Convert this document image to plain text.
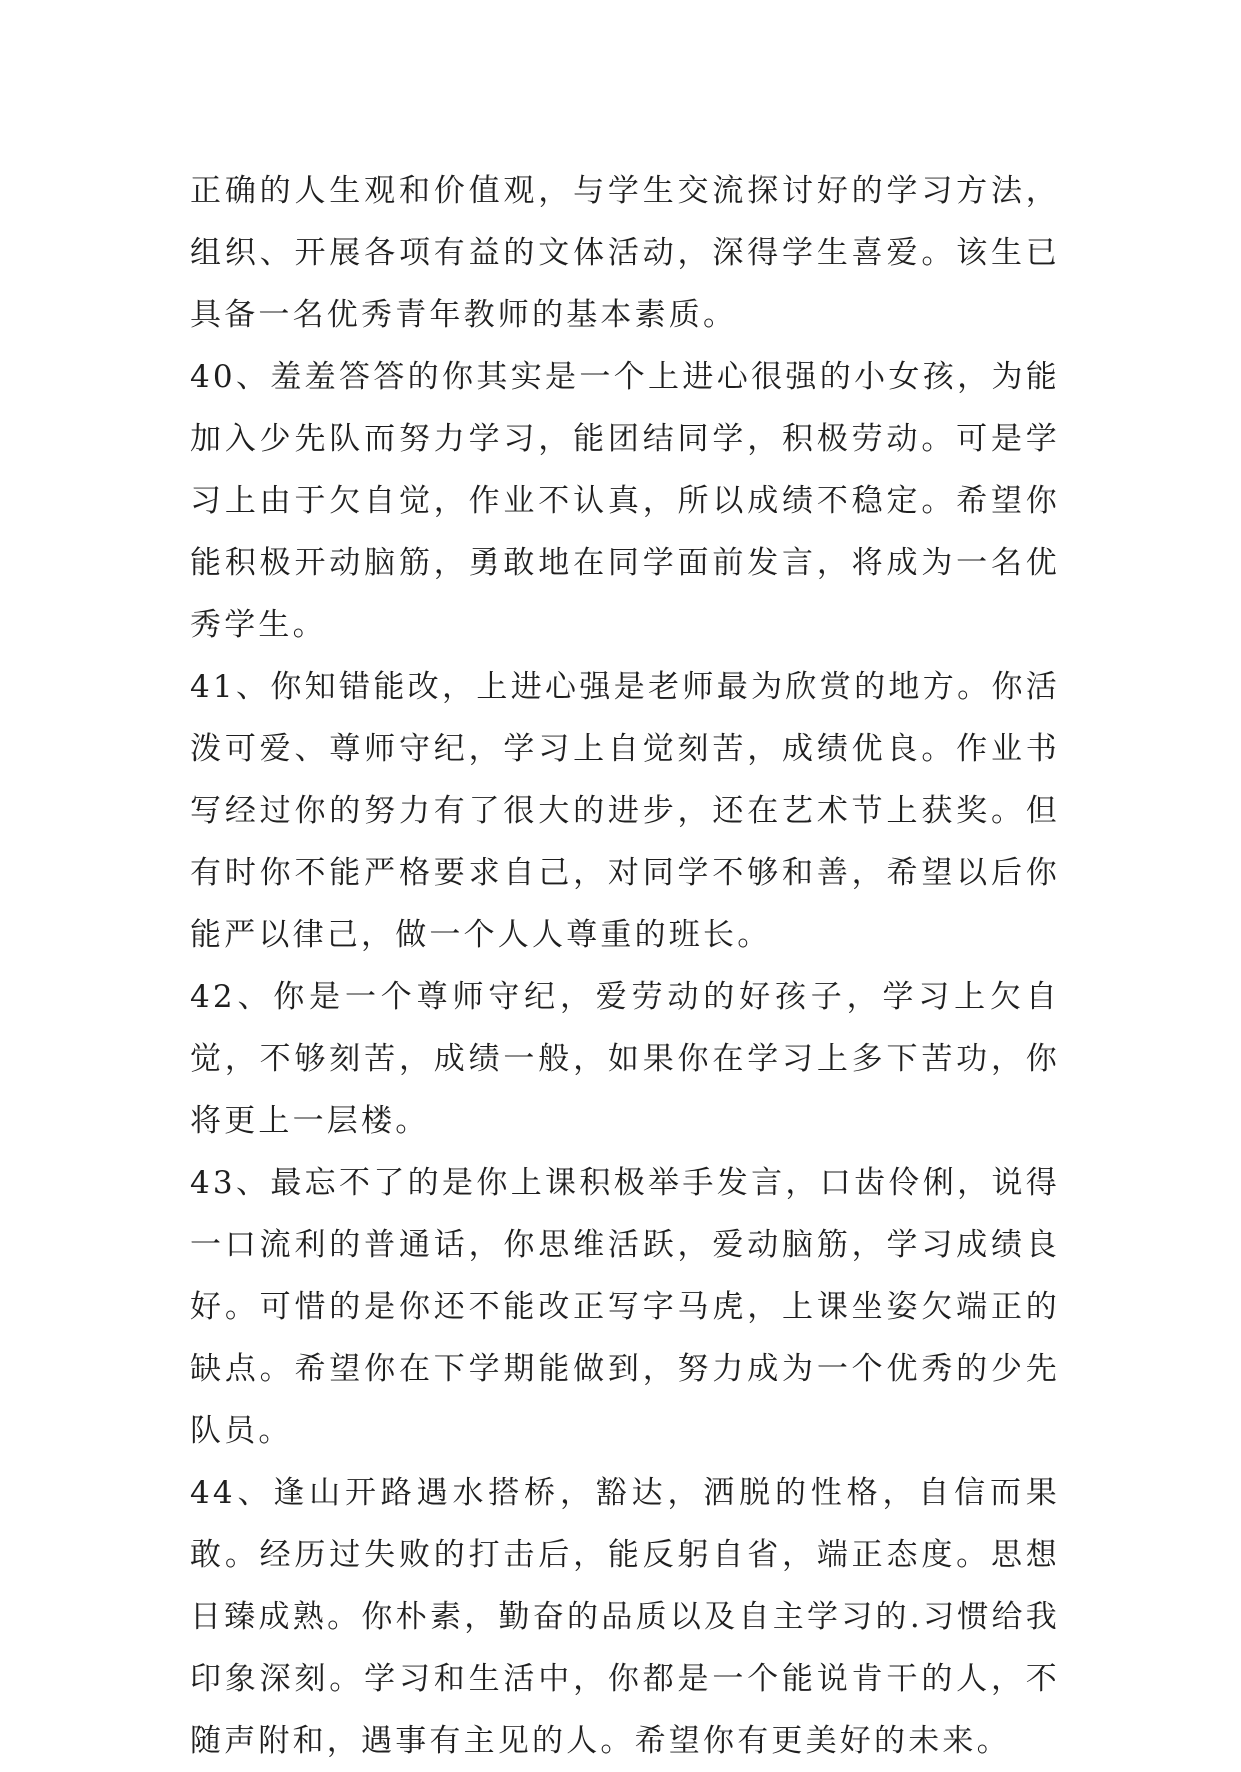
正确的人生观和价值观，与学生交流探讨好的学习方法，组织、开展各项有益的文体活动，深得学生喜爱。该生已具备一名优秀青年教师的基本素质。

40、羞羞答答的你其实是一个上进心很强的小女孩，为能加入少先队而努力学习，能团结同学，积极劳动。可是学习上由于欠自觉，作业不认真，所以成绩不稳定。希望你能积极开动脑筋，勇敢地在同学面前发言，将成为一名优秀学生。

41、你知错能改，上进心强是老师最为欣赏的地方。你活泼可爱、尊师守纪，学习上自觉刻苦，成绩优良。作业书写经过你的努力有了很大的进步，还在艺术节上获奖。但有时你不能严格要求自己，对同学不够和善，希望以后你能严以律己，做一个人人尊重的班长。

42、你是一个尊师守纪，爱劳动的好孩子，学习上欠自觉，不够刻苦，成绩一般，如果你在学习上多下苦功，你将更上一层楼。

43、最忘不了的是你上课积极举手发言，口齿伶俐，说得一口流利的普通话，你思维活跃，爱动脑筋，学习成绩良好。可惜的是你还不能改正写字马虎，上课坐姿欠端正的缺点。希望你在下学期能做到，努力成为一个优秀的少先队员。

44、逢山开路遇水搭桥，豁达，洒脱的性格，自信而果敢。经历过失败的打击后，能反躬自省，端正态度。思想日臻成熟。你朴素，勤奋的品质以及自主学习的.习惯给我印象深刻。学习和生活中，你都是一个能说肯干的人，不随声附和，遇事有主见的人。希望你有更美好的未来。
